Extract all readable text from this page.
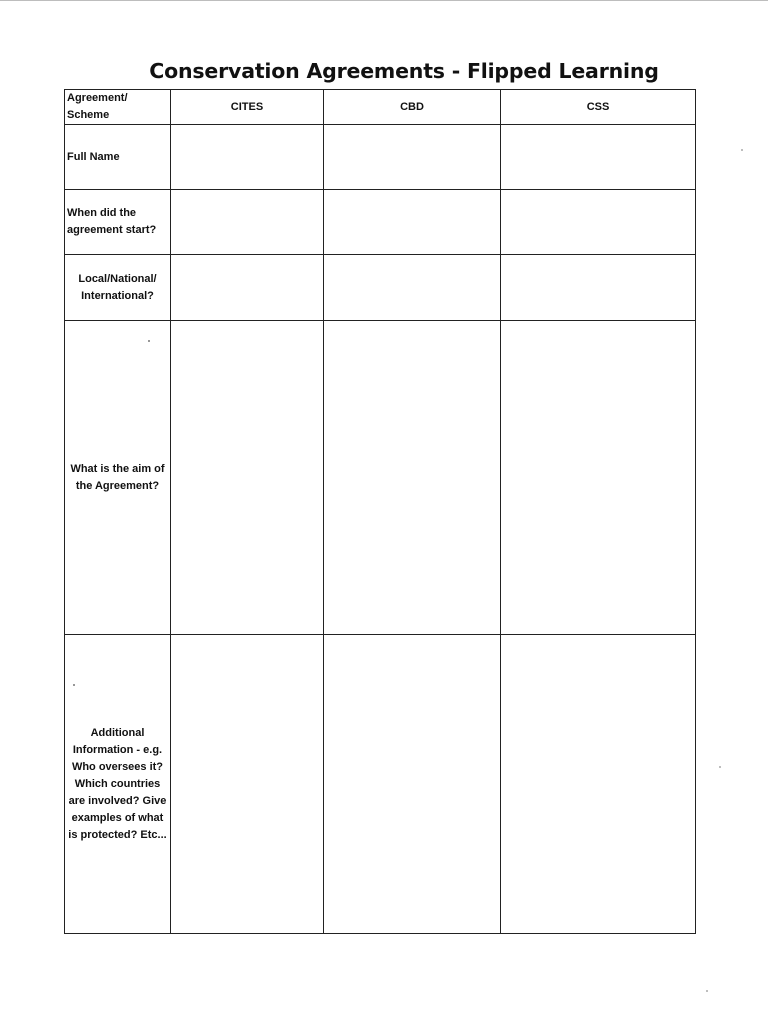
Conservation Agreements - Flipped Learning
Agreement/ Scheme	CITES	CBD	CSS
Full Name			
When did the agreement start?			

Local/National/ International?			

What is the aim of the Agreement?			

Additional Information - e.g. Who oversees it? Which countries are involved? Give examples of what is protected? Etc...			
